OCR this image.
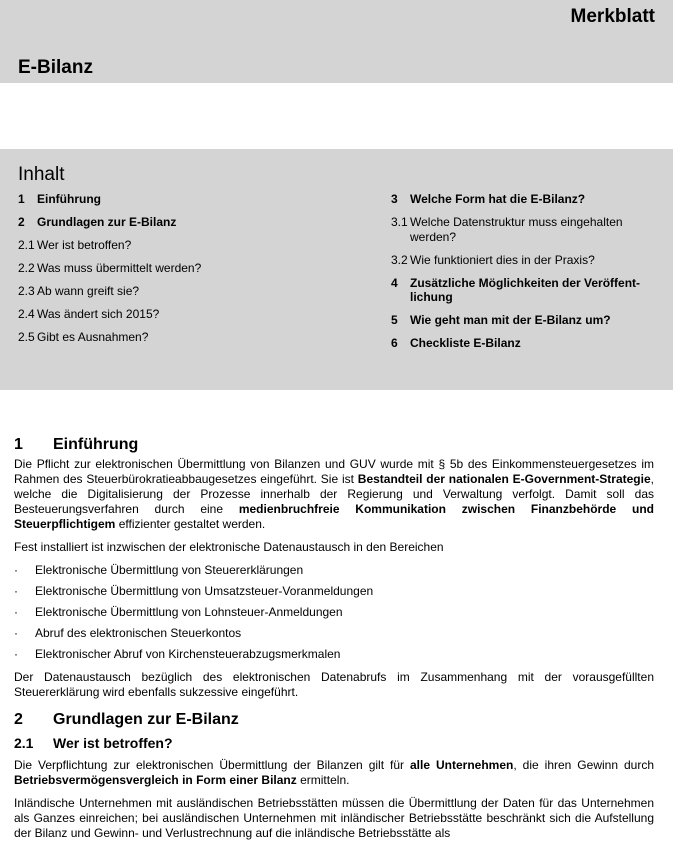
Merkblatt
E-Bilanz
Inhalt
1	Einführung
2	Grundlagen zur E-Bilanz
2.1 Wer ist betroffen?
2.2 Was muss übermittelt werden?
2.3 Ab wann greift sie?
2.4 Was ändert sich 2015?
2.5 Gibt es Ausnahmen?
3	Welche Form hat die E-Bilanz?
3.1 Welche Datenstruktur muss eingehalten werden?
3.2 Wie funktioniert dies in der Praxis?
4	Zusätzliche Möglichkeiten der Veröffent-lichung
5	Wie geht man mit der E-Bilanz um?
6	Checkliste E-Bilanz
1	Einführung

Die Pflicht zur elektronischen Übermittlung von Bilanzen und GUV wurde mit § 5b des Einkommensteuergesetzes im Rahmen des Steuerbürokratieabbaugesetzes eingeführt. Sie ist Bestandteil der nationalen E-Government-Strategie, welche die Digitalisierung der Prozesse innerhalb der Regierung und Verwaltung verfolgt. Damit soll das Besteuerungsverfahren durch eine medienbruchfreie Kommunikation zwischen Finanzbehörde und Steuerpflichtigem effizienter gestaltet werden.

Fest installiert ist inzwischen der elektronische Datenaustausch in den Bereichen

·	Elektronische Übermittlung von Steuererklärungen
·	Elektronische Übermittlung von Umsatzsteuer-Voranmeldungen
·	Elektronische Übermittlung von Lohnsteuer-Anmeldungen
·	Abruf des elektronischen Steuerkontos
·	Elektronischer Abruf von Kirchensteuerabzugsmerkmalen

Der Datenaustausch bezüglich des elektronischen Datenabrufs im Zusammenhang mit der vorausgefüllten Steuererklärung wird ebenfalls sukzessive eingeführt.

2	Grundlagen zur E-Bilanz
2.1	Wer ist betroffen?

Die Verpflichtung zur elektronischen Übermittlung der Bilanzen gilt für alle Unternehmen, die ihren Gewinn durch Betriebsvermögensvergleich in Form einer Bilanz ermitteln.

Inländische Unternehmen mit ausländischen Betriebsstätten müssen die Übermittlung der Daten für das Unternehmen als Ganzes einreichen; bei ausländischen Unternehmen mit inländischer Betriebsstätte beschränkt sich die Aufstellung der Bilanz und Gewinn- und Verlustrechnung auf die inländische Betriebsstätte als
